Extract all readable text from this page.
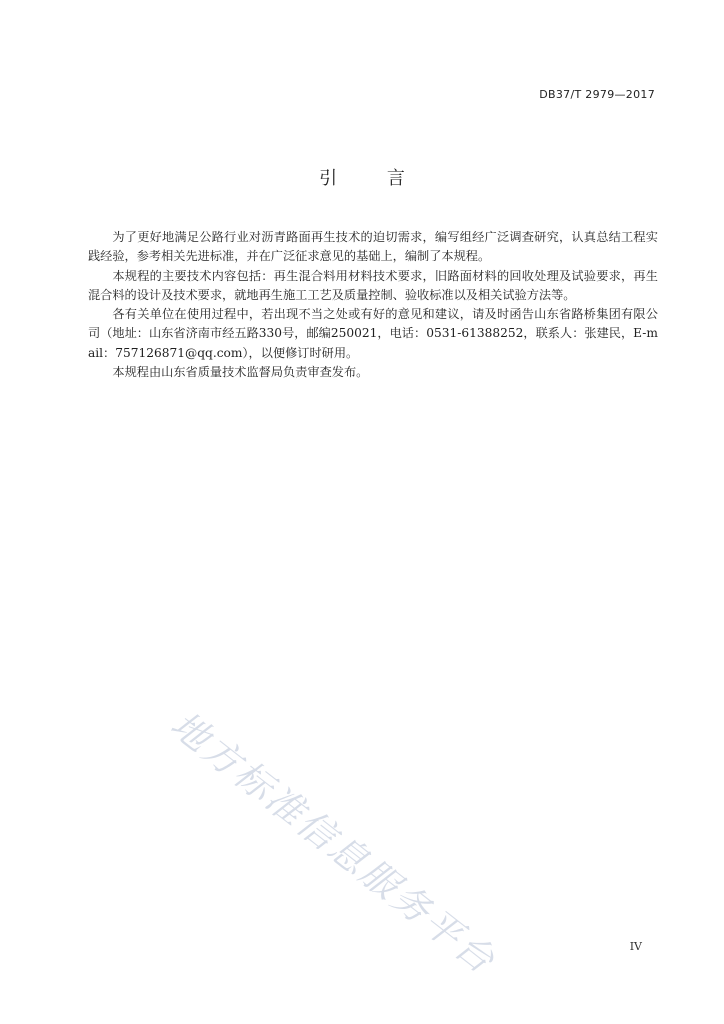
DB37/T 2979—2017
引 言

为了更好地满足公路行业对沥青路面再生技术的迫切需求，编写组经广泛调查研究，认真总结工程实践经验，参考相关先进标准，并在广泛征求意见的基础上，编制了本规程。

本规程的主要技术内容包括：再生混合料用材料技术要求，旧路面材料的回收处理及试验要求，再生混合料的设计及技术要求，就地再生施工工艺及质量控制、验收标准以及相关试验方法等。

各有关单位在使用过程中，若出现不当之处或有好的意见和建议，请及时函告山东省路桥集团有限公司（地址：山东省济南市经五路330号，邮编250021，电话：0531-61388252，联系人：张建民，E-mail：757126871@qq.com），以便修订时研用。

本规程由山东省质量技术监督局负责审查发布。

地方标准信息服务平台	IV
